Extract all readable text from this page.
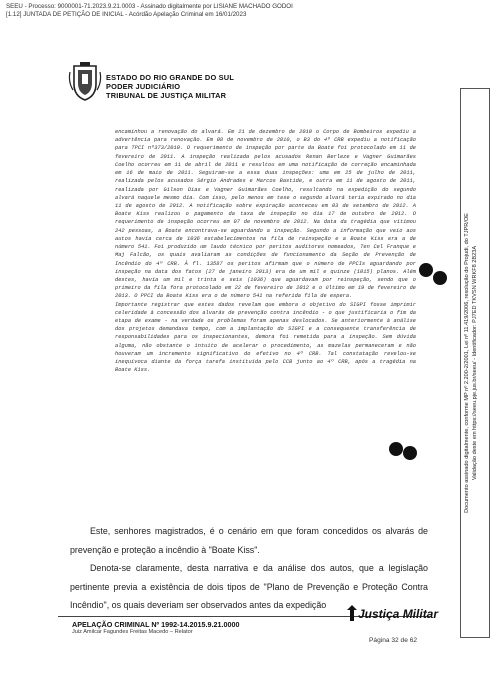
SEEU - Processo: 9000001-71.2023.9.21.0003 - Assinado digitalmente por LISIANE MACHADO GODOI
[1.12] JUNTADA DE PETIÇÃO DE INICIAL - Acórdão Apelação Criminal em 16/01/2023
ESTADO DO RIO GRANDE DO SUL
PODER JUDICIÁRIO
TRIBUNAL DE JUSTIÇA MILITAR

encaminhou a renovação do alvará. Em 21 de dezembro de 2010 o Corpo de Bombeiros expediu a advertência para renovação. Em 08 de novembro de 2010, o B3 do 4º CRB expediu a notificação para TPCI nº373/2010. O requerimento de inspeção por parte da Boate foi protocolado em 11 de fevereiro de 2011. A inspeção realizada pelos acusados Renan Berleze e Vagner Guimarães Coelho ocorreu em 11 de abril de 2011 e resultou em uma notificação de correção encaminhada em 16 de maio de 2011. Seguiram-se a essa duas inspeções: uma em 25 de julho de 2011, realizada pelos acusados Sérgio Andrades e Marcos Bastide, e outra em 11 de agosto de 2011, realizada por Gilson Dias e Vagner Guimarães Coelho, resultando na expedição do segundo alvará naquele mesmo dia. Com isso, pelo menos em tese o segundo alvará teria expirado no dia 11 de agosto de 2012. A notificação sobre expiração aconteceu em 03 de setembro de 2012. A Boate Kiss realizou o pagamento da taxa de inspeção no dia 17 de outubro de 2012. O requerimento de inspeção ocorreu em 07 de novembro de 2012. Na data da tragédia que vitimou 242 pessoas, a Boate encontrava-se aguardando a inspeção. Segundo a informação que veio aos autos havia cerca de 1036 estabelecimentos na fila de reinspeção e a Boate Kiss era a de número 541. Foi produzido um laudo técnico por peritos auditores nomeados, Ten Cel Franque e Maj Falcão, os quais avaliaram as condições de funcionamento da Seção de Prevenção de Incêndio do 4º CRB. À fl. 13587 os peritos afirmam que o número de PPCIs aguardando por inspeção na data dos fatos (27 de janeiro 2013) era de um mil e quinze (1015) planos. Além destes, havia um mil e trinta e seis (1036) que aguardavam por reinspeção, sendo que o primeiro da fila fora protocolado em 22 de fevereiro de 2012 e o último em 19 de fevereiro de 2013. O PPCI da Boate Kiss era o de número 541 na referida fila de espera.

Importante registrar que estes dados revelam que embora o objetivo do SIGPI fosse imprimir celeridade à concessão dos alvarás de prevenção contra incêndio - o que justificaria o fim da etapa de exame - na verdade os problemas foram apenas deslocados. Se anteriormente à análise dos projetos demandava tempo, com a implantação do SIGPI e a consequente transferência de responsabilidades para os inspecionantes, demora foi remetida para a inspeção. Sem dúvida alguma, não obstante o intuito de acelerar o procedimento, as mazelas permaneceram e não houveram um incremento significativo do efetivo no 4º CRB. Tal constatação revelou-se inequívoca diante da força tarefa instituída pelo CCB junto ao 4º CRB, após a tragédia na Boate Kiss.

Este, senhores magistrados, é o cenário em que foram concedidos os alvarás de prevenção e proteção a incêndio à "Boate Kiss".

Denota-se claramente, desta narrativa e da análise dos autos, que a legislação pertinente previa a existência de dois tipos de "Plano de Prevenção e Proteção Contra Incêndio", os quais deveriam ser observados antes da expedição

Documento assinado digitalmente, conforme MP nº 2.200-2/2001, Lei nº 11.419/2006, resolução do Projudi, do TJPR/OE Validação deste em https://seeu.pje.jus.br/seeu/ - Identificador: PJ7ED TKVSN WRKF8 2B23A
APELAÇÃO CRIMINAL Nº 1992-14.2015.9.21.0000
Juiz Amilcar Fagundes Freitas Macedo – Relator
Justiça Militar
Página 32 de 62
